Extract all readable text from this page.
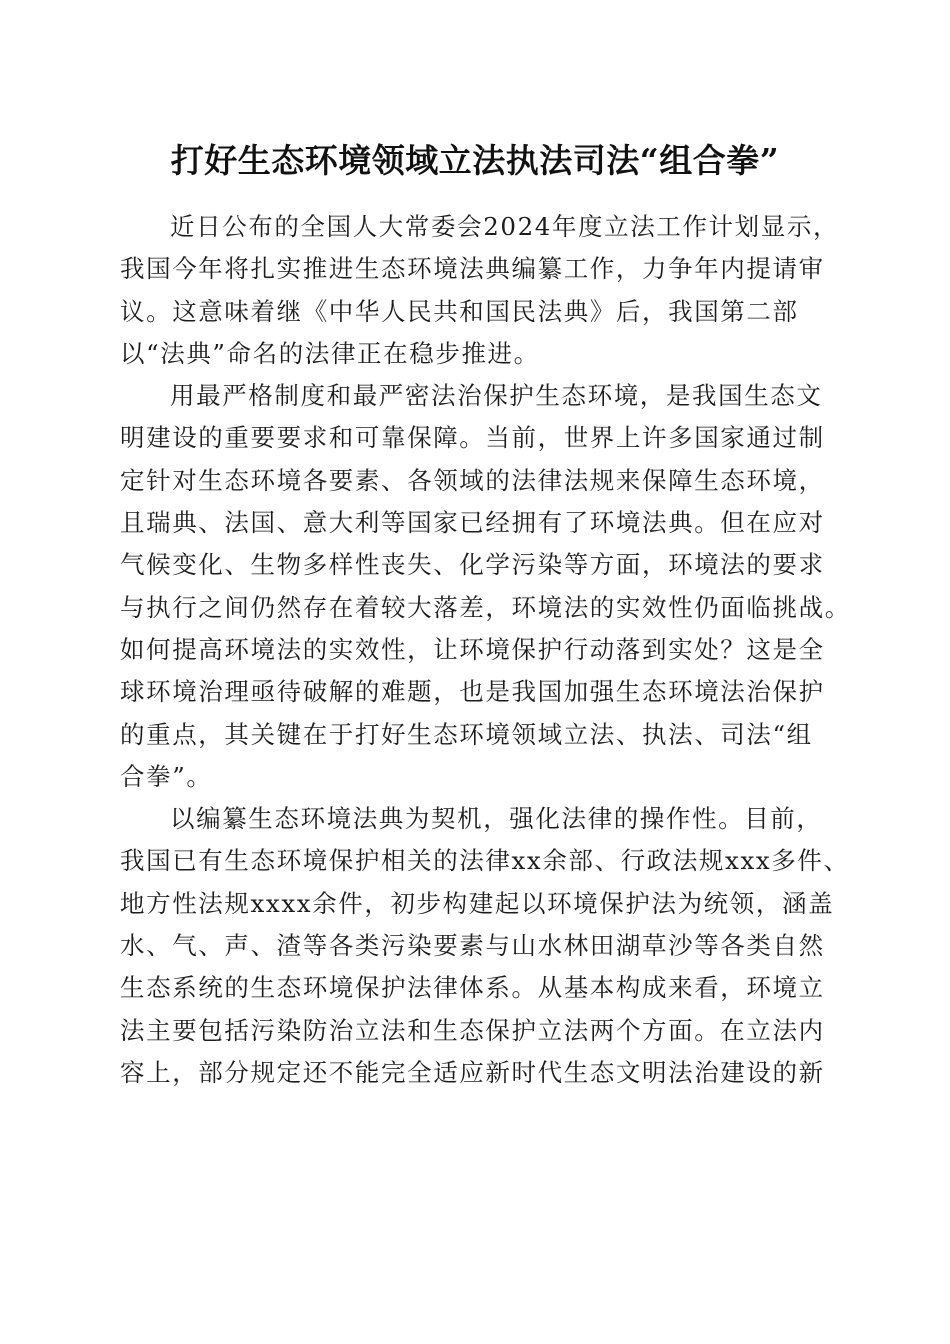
打好生态环境领域立法执法司法“组合拳”
近日公布的全国人大常委会2024年度立法工作计划显示，
我国今年将扎实推进生态环境法典编纂工作，力争年内提请审
议。这意味着继《中华人民共和国民法典》后，我国第二部
以“法典”命名的法律正在稳步推进。
用最严格制度和最严密法治保护生态环境，是我国生态文
明建设的重要要求和可靠保障。当前，世界上许多国家通过制
定针对生态环境各要素、各领域的法律法规来保障生态环境，
且瑞典、法国、意大利等国家已经拥有了环境法典。但在应对
气候变化、生物多样性丧失、化学污染等方面，环境法的要求
与执行之间仍然存在着较大落差，环境法的实效性仍面临挑战。
如何提高环境法的实效性，让环境保护行动落到实处？这是全
球环境治理亟待破解的难题，也是我国加强生态环境法治保护
的重点，其关键在于打好生态环境领域立法、执法、司法“组
合拳”。
以编纂生态环境法典为契机，强化法律的操作性。目前，
我国已有生态环境保护相关的法律xx余部、行政法规xxx多件、
地方性法规xxxx余件，初步构建起以环境保护法为统领，涵盖
水、气、声、渣等各类污染要素与山水林田湖草沙等各类自然
生态系统的生态环境保护法律体系。从基本构成来看，环境立
法主要包括污染防治立法和生态保护立法两个方面。在立法内
容上，部分规定还不能完全适应新时代生态文明法治建设的新
